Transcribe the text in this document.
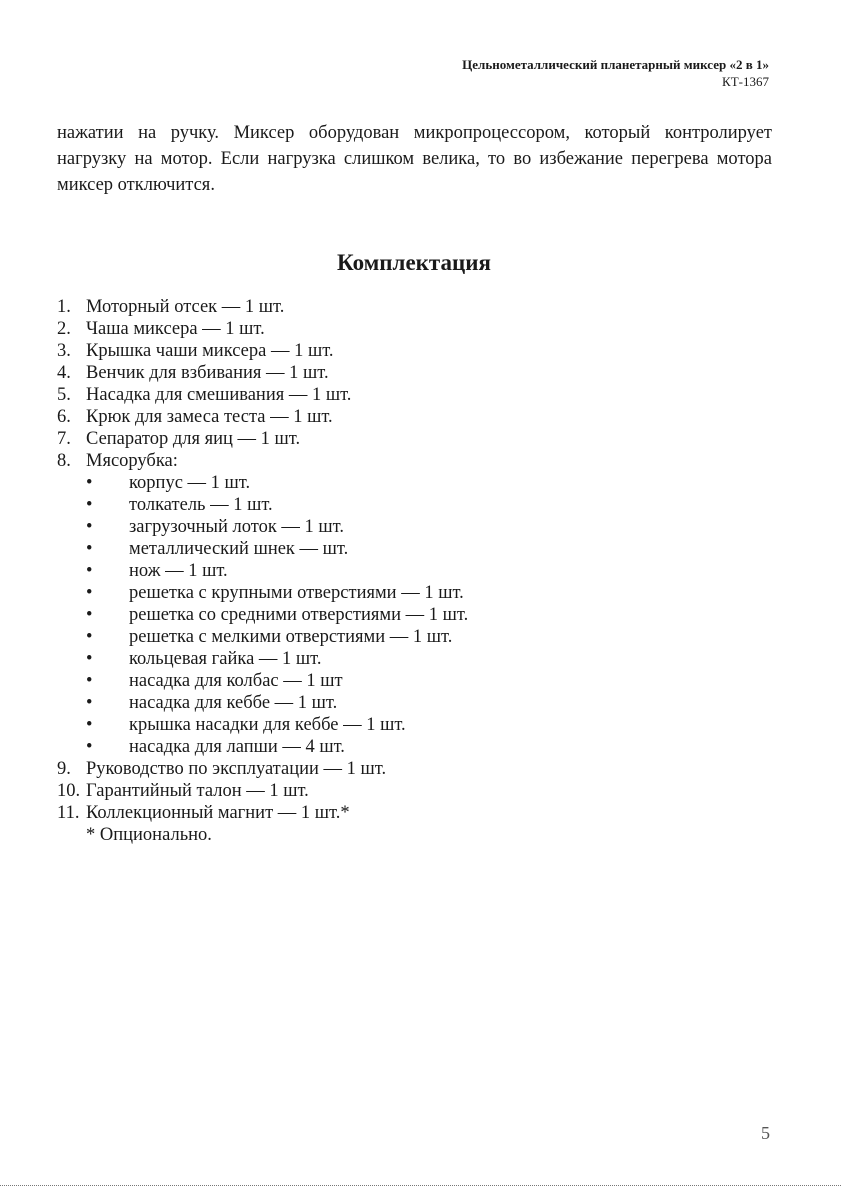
Цельнометаллический планетарный миксер «2 в 1»
КТ-1367
нажатии на ручку. Миксер оборудован микропроцессором, который контролирует нагрузку на мотор. Если нагрузка слишком велика, то во избежание перегрева мотора миксер отключится.
Комплектация
1. Моторный отсек — 1 шт.
2. Чаша миксера — 1 шт.
3. Крышка чаши миксера — 1 шт.
4. Венчик для взбивания — 1 шт.
5. Насадка для смешивания — 1 шт.
6. Крюк для замеса теста — 1 шт.
7. Сепаратор для яиц — 1 шт.
8. Мясорубка:
•	корпус — 1 шт.
•	толкатель — 1 шт.
•	загрузочный лоток — 1 шт.
•	металлический шнек — шт.
•	нож — 1 шт.
•	решетка с крупными отверстиями — 1 шт.
•	решетка со средними отверстиями — 1 шт.
•	решетка с мелкими отверстиями — 1 шт.
•	кольцевая гайка — 1 шт.
•	насадка для колбас — 1 шт
•	насадка для кеббе — 1 шт.
•	крышка насадки для кеббе — 1 шт.
•	насадка для лапши — 4 шт.
9. Руководство по эксплуатации — 1 шт.
10. Гарантийный талон — 1 шт.
11. Коллекционный магнит — 1 шт.*
* Опционально.
5
